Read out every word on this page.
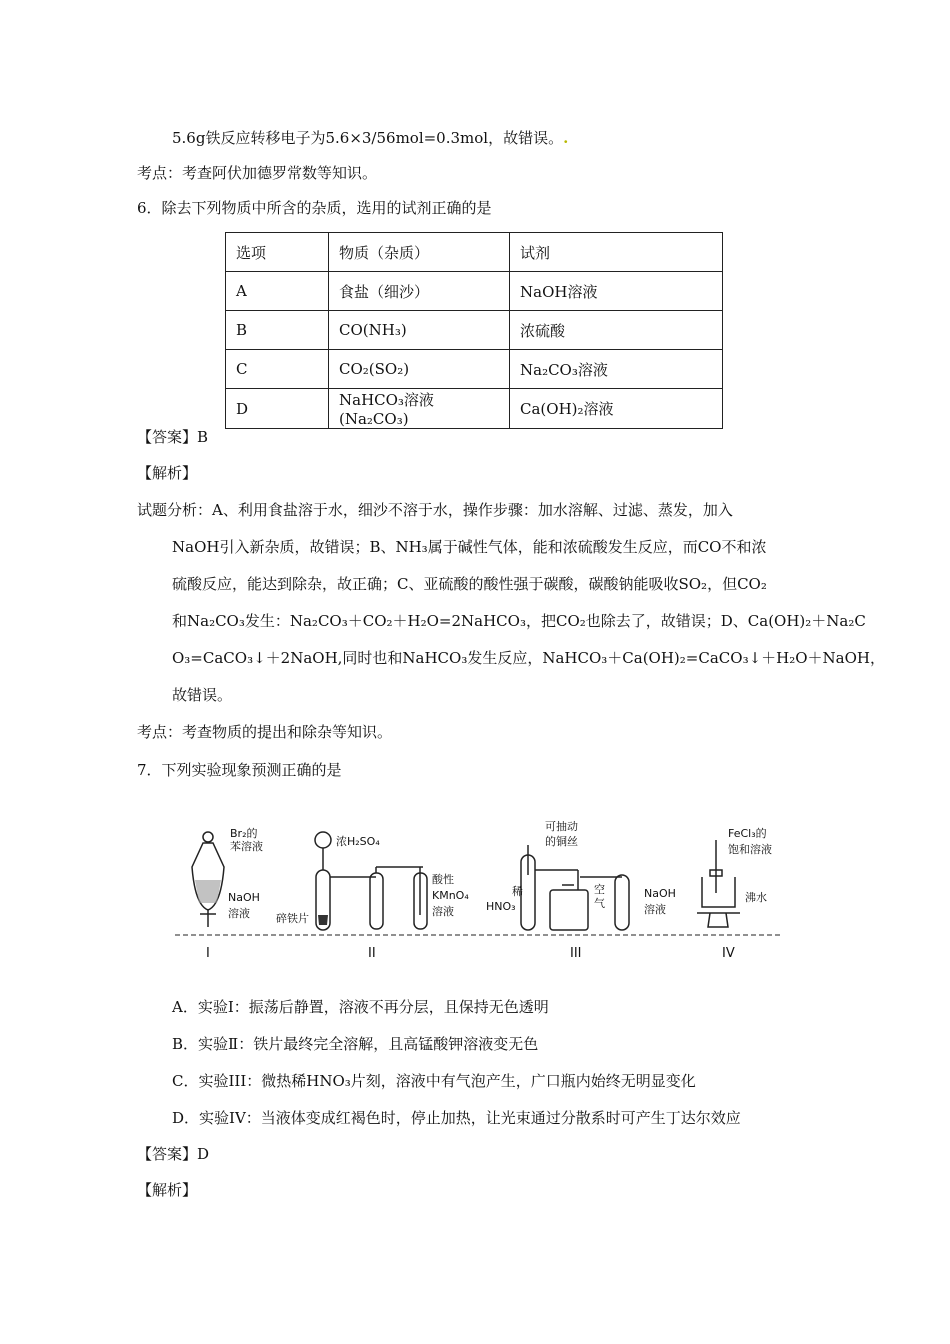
5.6g铁反应转移电子为5.6×3/56mol=0.3mol，故错误。.
考点：考查阿伏加德罗常数等知识。
6．除去下列物质中所含的杂质，选用的试剂正确的是
选项	物质（杂质）	试剂
A	食盐（细沙）	NaOH溶液
B	CO(NH₃)	浓硫酸
C	CO₂(SO₂)	Na₂CO₃溶液
D	NaHCO₃溶液(Na₂CO₃)	Ca(OH)₂溶液
【答案】B
【解析】
试题分析：A、利用食盐溶于水，细沙不溶于水，操作步骤：加水溶解、过滤、蒸发，加入
NaOH引入新杂质，故错误；B、NH₃属于碱性气体，能和浓硫酸发生反应，而CO不和浓
硫酸反应，能达到除杂，故正确；C、亚硫酸的酸性强于碳酸，碳酸钠能吸收SO₂，但CO₂
和Na₂CO₃发生：Na₂CO₃＋CO₂＋H₂O=2NaHCO₃，把CO₂也除去了，故错误；D、Ca(OH)₂＋Na₂C
O₃=CaCO₃↓＋2NaOH,同时也和NaHCO₃发生反应，NaHCO₃＋Ca(OH)₂=CaCO₃↓＋H₂O＋NaOH，
故错误。
考点：考查物质的提出和除杂等知识。
7．下列实验现象预测正确的是
Br₂的
苯溶液
NaOH
溶液
I
浓H₂SO₄
碎铁片
酸性
KMnO₄
溶液
II
可抽动
的铜丝
稀
HNO₃
空
气
NaOH
溶液
III
FeCl₃的
饱和溶液
沸水
IV
A．实验Ⅰ：振荡后静置，溶液不再分层，且保持无色透明
B．实验Ⅱ：铁片最终完全溶解，且高锰酸钾溶液变无色
C．实验III：微热稀HNO₃片刻，溶液中有气泡产生，广口瓶内始终无明显变化
D．实验IV：当液体变成红褐色时，停止加热，让光束通过分散系时可产生丁达尔效应
【答案】D
【解析】
